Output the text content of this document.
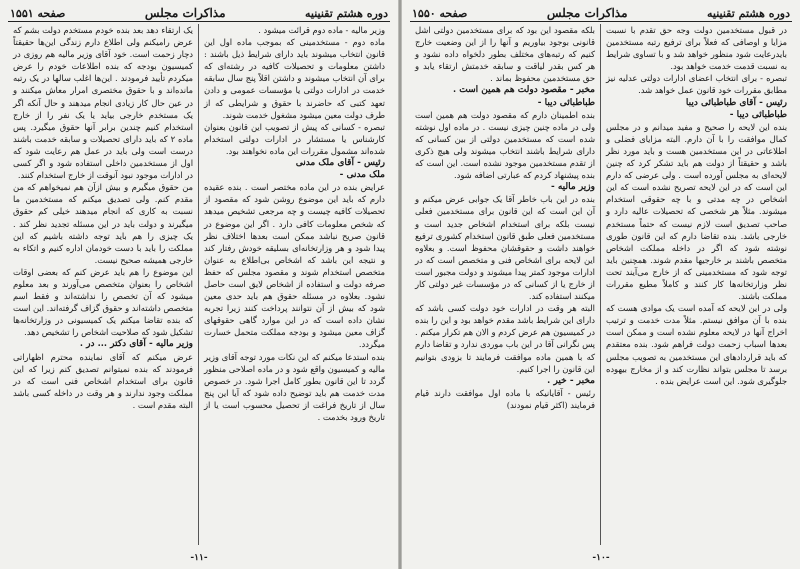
دوره هشتم تقنینیه
مذاکرات مجلس
صفحه ۱۵۵۱

وزیر مالیه - ماده دوم قرائت میشود .

ماده دوم - مستخدمینی که بموجب ماده اول این قانون انتخاب میشوند باید دارای شرایط ذیل باشند : داشتن معلومات و تحصیلات کافیه در رشته‌ای که برای آن انتخاب میشوند و داشتن اقلاً پنج سال سابقه خدمت در ادارات دولتی یا مؤسسات عمومی و دادن تعهد کتبی که حاضرند با حقوق و شرایطی که از طرف دولت معین میشود مشغول خدمت شوند.

تبصره - کسانی که پیش از تصویب این قانون بعنوان کارشناس یا مستشار در ادارات دولتی استخدام شده‌اند مشمول مقررات این ماده نخواهند بود.

رئیس - آقای ملک مدنی

ملک مدنی -

عرایض بنده در این ماده مختصر است . بنده عقیده دارم که باید این موضوع روشن شود که مقصود از تحصیلات کافیه چیست و چه مرجعی تشخیص میدهد که شخص معلومات کافی دارد . اگر این موضوع در قانون صریح نباشد ممکن است بعدها اختلاف نظر پیدا شود و هر وزارتخانه‌ای بسلیقه خودش رفتار کند و نتیجه این باشد که اشخاص بی‌اطلاع به عنوان متخصص استخدام شوند و مقصود مجلس که حفظ صرفه دولت و استفاده از اشخاص لایق است حاصل نشود. بعلاوه در مسئله حقوق هم باید حدی معین شود که بیش از آن نتوانند پرداخت کنند زیرا تجربه نشان داده است که در این موارد گاهی حقوقهای گزاف معین میشود و بودجه مملکت متحمل خسارت میگردد.

بنده استدعا میکنم که این نکات مورد توجه آقای وزیر مالیه و کمیسیون واقع شود و در ماده اصلاحی منظور گردد تا این قانون بطور کامل اجرا شود. در خصوص مدت خدمت هم باید توضیح داده شود که آیا این پنج سال از تاریخ فراغت از تحصیل محسوب است یا از تاریخ ورود بخدمت .

یک ارتقاء دهد بعد بنده خودم مستخدم دولت بشم که عرض رامیکنم ولی اطلاع دارم زندگی این‌ها حقیقتاً دچار زحمت است. خود آقای وزیر مالیه هم روزی در کمیسیون بودجه که بنده اطلاعات خودم را عرض میکردم تأیید فرمودند . این‌ها اغلب سالها در یک رتبه مانده‌اند و با حقوق مختصری امرار معاش میکنند و در عین حال کار زیادی انجام میدهند و حال آنکه اگر یک مستخدم خارجی بیاید یا یک نفر را از خارج استخدام کنیم چندین برابر آنها حقوق میگیرد. پس ماده ۲ که باید دارای تحصیلات و سابقه خدمت باشند درست است ولی باید در عمل هم رعایت شود که اول از مستخدمین داخلی استفاده شود و اگر کسی در ادارات موجود نبود آنوقت از خارج استخدام کنند.

من حقوق میگیرم و بیش ازآن هم نمیخواهم که من مقدم کنم. ولی تصدیق میکنم که مستخدمین ما نسبت به کاری که انجام میدهند خیلی کم حقوق میگیرند و دولت باید در این مسئله تجدید نظر کند . یک چیزی را هم باید توجه داشته باشیم که این مملکت را باید با دست خودمان اداره کنیم و اتکاء به خارجی همیشه صحیح نیست.

این موضوع را هم باید عرض کنم که بعضی اوقات اشخاص را بعنوان متخصص می‌آورند و بعد معلوم میشود که آن تخصص را نداشته‌اند و فقط اسم متخصص داشته‌اند و حقوق گزاف گرفته‌اند. این است که بنده تقاضا میکنم یک کمیسیونی در وزارتخانه‌ها تشکیل شود که صلاحیت اشخاص را تشخیص دهد.

وزیر مالیه - آقای دکتر ... در .

عرض میکنم که آقای نماینده محترم اظهاراتی فرمودند که بنده نمیتوانم تصدیق کنم زیرا که این قانون برای استخدام اشخاص فنی است که در مملکت وجود ندارند و هر وقت در داخله کسی باشد البته مقدم است .

-۱۱-
دوره هشتم تقنینیه
مذاکرات مجلس
صفحه ۱۵۵۰

در قبول مستخدمین دولت وجه حق تقدم با نسبت مزایا و اوصافی که فعلاً برای ترفیع رتبه مستخدمین بایدرعایت شود منظور خواهد شد و با تساوی شرایط به نسبت قدمت خدمت خواهد بود.

تبصره - برای انتخاب اعضای ادارات دولتی عدلیه نیز مطابق مقررات خود قانون عمل خواهد شد.

رئیس - آقای طباطبائی دیبا

طباطبائی دیبا -

بنده این لایحه را صحیح و مفید میدانم و در مجلس کمال موافقت را با آن دارم. البته مزایای فضلی و اطلاعاتی در این مستخدمین هست و باید مورد نظر باشد و حقیقتاً از دولت هم باید تشکر کرد که چنین لایحه‌ای به مجلس آورده است . ولی عرضی که دارم این است که در این لایحه تصریح نشده است که این اشخاص در چه مدتی و با چه حقوقی استخدام میشوند. مثلاً هر شخصی که تحصیلات عالیه دارد و صاحب تصدیق است لازم نیست که حتماً مستخدم خارجی باشد. بنده تقاضا دارم که این قانون طوری نوشته شود که اگر در داخله مملکت اشخاص متخصص باشند بر خارجیها مقدم شوند. همچنین باید توجه شود که مستخدمینی که از خارج می‌آیند تحت نظر وزارتخانه‌ها کار کنند و کاملاً مطیع مقررات مملکت باشند.

ولی در این لایحه که آمده است یک موادی هست که بنده با آن موافق نیستم. مثلاً مدت خدمت و ترتیب اخراج آنها در لایحه معلوم نشده است و ممکن است بعدها اسباب زحمت دولت فراهم شود. بنده معتقدم که باید قراردادهای این مستخدمین به تصویب مجلس برسد تا مجلس بتواند نظارت کند و از مخارج بیهوده جلوگیری شود. این است عرایض بنده .

بلکه مقصود این بود که برای مستخدمین دولتی اشل قانونی بوجود بیاوریم و آنها را از این وضعیت خارج کنیم که رتبه‌های مختلف بطور دلخواه داده نشود و هر کس بقدر لیاقت و سابقه خدمتش ارتقاء یابد و حق مستخدمین محفوظ بماند .

مخبر - مقصود دولت هم همین است .

طباطبائی دیبا -

بنده اطمینان دارم که مقصود دولت هم همین است ولی در ماده چنین چیزی نیست . در ماده اول نوشته شده است که مستخدمین دولتی از بین کسانی که دارای شرایط باشند انتخاب میشوند ولی هیچ ذکری از تقدم مستخدمین موجود نشده است. این است که بنده پیشنهاد کردم که عبارتی اضافه شود.

وزیر مالیه -

بنده در این باب خاطر آقا یک جوابی عرض میکنم و آن این است که این قانون برای مستخدمین فعلی نیست بلکه برای استخدام اشخاص جدید است و مستخدمین فعلی طبق قانون استخدام کشوری ترفیع خواهند داشت و حقوقشان محفوظ است. و بعلاوه این لایحه برای اشخاص فنی و متخصص است که در ادارات موجود کمتر پیدا میشوند و دولت مجبور است از خارج یا از کسانی که در مؤسسات غیر دولتی کار میکنند استفاده کند.

البته هر وقت در ادارات خود دولت کسی باشد که دارای این شرایط باشد مقدم خواهد بود و این را بنده در کمیسیون هم عرض کردم و الان هم تکرار میکنم . پس نگرانی آقا در این باب موردی ندارد و تقاضا دارم که با همین ماده موافقت فرمایند تا بزودی بتوانیم این قانون را اجرا کنیم.

مخبر - خیر .

رئیس - آقایانیکه با ماده اول موافقت دارند قیام فرمایند (اکثر قیام نمودند)

-۱۰-
